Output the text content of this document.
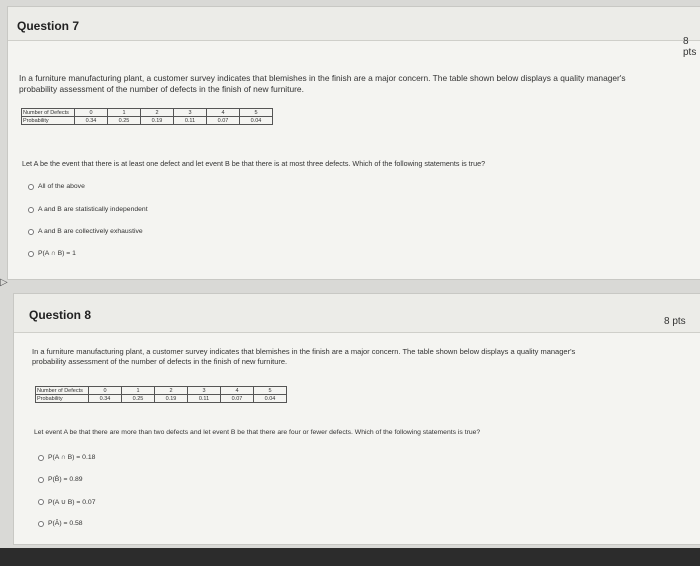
Question 7
8 pts
In a furniture manufacturing plant, a customer survey indicates that blemishes in the finish are a major concern. The table shown below displays a quality manager's
probability assessment of the number of defects in the finish of new furniture.
Number of Defects	0	1	2	3	4	5
Probability	0.34	0.25	0.19	0.11	0.07	0.04
Let A be the event that there is at least one defect and let event B be that there is at most three defects. Which of the following statements is true?
All of the above
A and B are statistically independent
A and B are collectively exhaustive
P(A ∩ B) = 1
▷
Question 8	8 pts
In a furniture manufacturing plant, a customer survey indicates that blemishes in the finish are a major concern. The table shown below displays a quality manager's
probability assessment of the number of defects in the finish of new furniture.
Number of Defects	0	1	2	3	4	5
Probability	0.34	0.25	0.19	0.11	0.07	0.04
Let event A be that there are more than two defects and let event B be that there are four or fewer defects. Which of the following statements is true?
P(A ∩ B) = 0.18
P(B̄) = 0.89
P(A ∪ B) = 0.07
P(Ā) = 0.58
